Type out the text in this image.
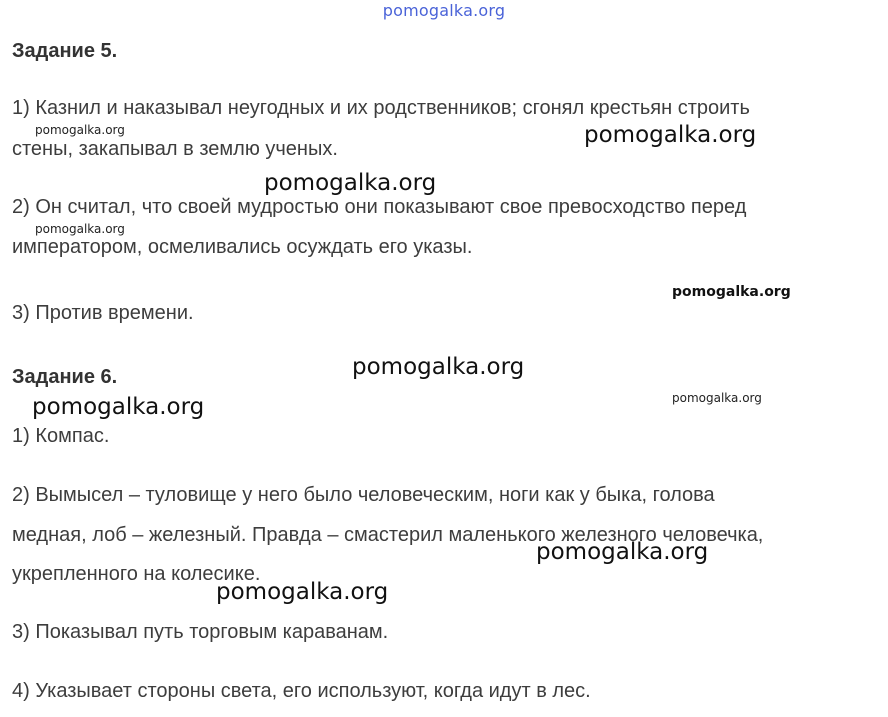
pomogalka.org
Задание 5.
1) Казнил и наказывал неугодных и их родственников; сгонял крестьян строить
стены, закапывал в землю ученых.
2) Он считал, что своей мудростью они показывают свое превосходство перед
императором, осмеливались осуждать его указы.
3) Против времени.
Задание 6.
1) Компас.
2) Вымысел – туловище у него было человеческим, ноги как у быка, голова
медная, лоб – железный. Правда – смастерил маленького железного человечка,
укрепленного на колесике.
3) Показывал путь торговым караванам.
4) Указывает стороны света, его используют, когда идут в лес.
pomogalka.org	pomogalka.org
pomogalka.org
pomogalka.org
pomogalka.org
pomogalka.org
pomogalka.org	pomogalka.org
pomogalka.org
pomogalka.org
